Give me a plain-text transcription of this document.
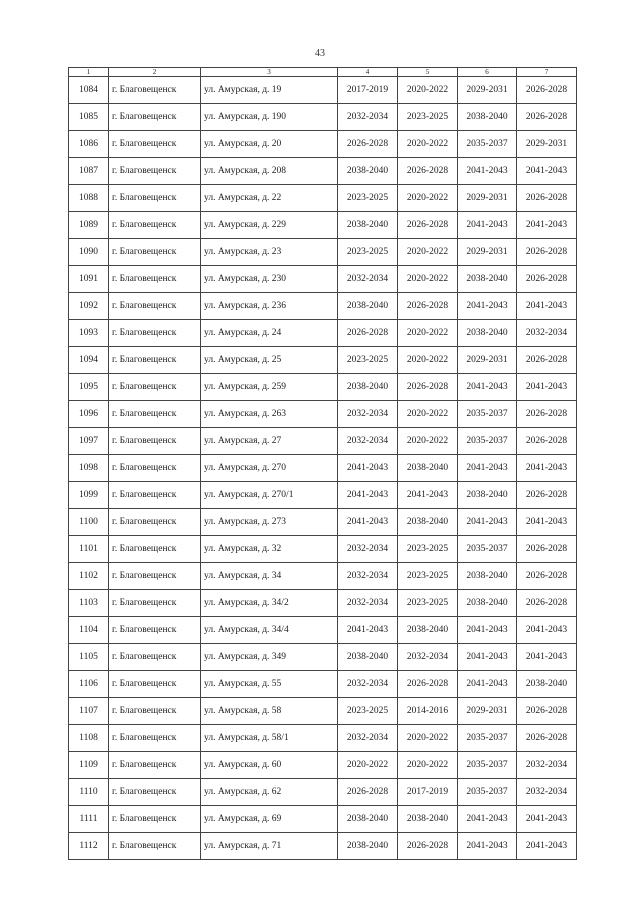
43
1	2	3	4	5	6	7
1084	г. Благовещенск	ул. Амурская, д. 19	2017-2019	2020-2022	2029-2031	2026-2028
1085	г. Благовещенск	ул. Амурская, д. 190	2032-2034	2023-2025	2038-2040	2026-2028
1086	г. Благовещенск	ул. Амурская, д. 20	2026-2028	2020-2022	2035-2037	2029-2031
1087	г. Благовещенск	ул. Амурская, д. 208	2038-2040	2026-2028	2041-2043	2041-2043
1088	г. Благовещенск	ул. Амурская, д. 22	2023-2025	2020-2022	2029-2031	2026-2028
1089	г. Благовещенск	ул. Амурская, д. 229	2038-2040	2026-2028	2041-2043	2041-2043
1090	г. Благовещенск	ул. Амурская, д. 23	2023-2025	2020-2022	2029-2031	2026-2028
1091	г. Благовещенск	ул. Амурская, д. 230	2032-2034	2020-2022	2038-2040	2026-2028
1092	г. Благовещенск	ул. Амурская, д. 236	2038-2040	2026-2028	2041-2043	2041-2043
1093	г. Благовещенск	ул. Амурская, д. 24	2026-2028	2020-2022	2038-2040	2032-2034
1094	г. Благовещенск	ул. Амурская, д. 25	2023-2025	2020-2022	2029-2031	2026-2028
1095	г. Благовещенск	ул. Амурская, д. 259	2038-2040	2026-2028	2041-2043	2041-2043
1096	г. Благовещенск	ул. Амурская, д. 263	2032-2034	2020-2022	2035-2037	2026-2028
1097	г. Благовещенск	ул. Амурская, д. 27	2032-2034	2020-2022	2035-2037	2026-2028
1098	г. Благовещенск	ул. Амурская, д. 270	2041-2043	2038-2040	2041-2043	2041-2043
1099	г. Благовещенск	ул. Амурская, д. 270/1	2041-2043	2041-2043	2038-2040	2026-2028
1100	г. Благовещенск	ул. Амурская, д. 273	2041-2043	2038-2040	2041-2043	2041-2043
1101	г. Благовещенск	ул. Амурская, д. 32	2032-2034	2023-2025	2035-2037	2026-2028
1102	г. Благовещенск	ул. Амурская, д. 34	2032-2034	2023-2025	2038-2040	2026-2028
1103	г. Благовещенск	ул. Амурская, д. 34/2	2032-2034	2023-2025	2038-2040	2026-2028
1104	г. Благовещенск	ул. Амурская, д. 34/4	2041-2043	2038-2040	2041-2043	2041-2043
1105	г. Благовещенск	ул. Амурская, д. 349	2038-2040	2032-2034	2041-2043	2041-2043
1106	г. Благовещенск	ул. Амурская, д. 55	2032-2034	2026-2028	2041-2043	2038-2040
1107	г. Благовещенск	ул. Амурская, д. 58	2023-2025	2014-2016	2029-2031	2026-2028
1108	г. Благовещенск	ул. Амурская, д. 58/1	2032-2034	2020-2022	2035-2037	2026-2028
1109	г. Благовещенск	ул. Амурская, д. 60	2020-2022	2020-2022	2035-2037	2032-2034
1110	г. Благовещенск	ул. Амурская, д. 62	2026-2028	2017-2019	2035-2037	2032-2034
1111	г. Благовещенск	ул. Амурская, д. 69	2038-2040	2038-2040	2041-2043	2041-2043
1112	г. Благовещенск	ул. Амурская, д. 71	2038-2040	2026-2028	2041-2043	2041-2043
